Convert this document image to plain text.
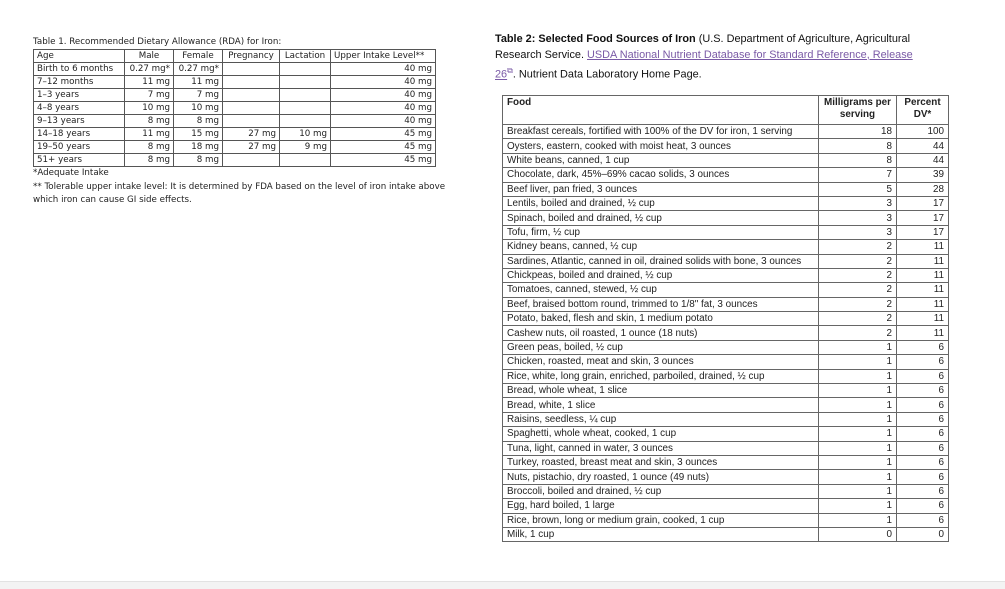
Table 1. Recommended Dietary Allowance (RDA) for Iron:
Age	Male	Female	Pregnancy	Lactation	Upper Intake Level**
Birth to 6 months	0.27 mg*	0.27 mg*			40 mg
7–12 months	11 mg	11 mg			40 mg
1–3 years	7 mg	7 mg			40 mg
4–8 years	10 mg	10 mg			40 mg
9–13 years	8 mg	8 mg			40 mg
14–18 years	11 mg	15 mg	27 mg	10 mg	45 mg
19–50 years	8 mg	18 mg	27 mg	9 mg	45 mg
51+ years	8 mg	8 mg			45 mg
*Adequate Intake
** Tolerable upper intake level: It is determined by FDA based on the level of iron intake above which iron can cause GI side effects.
Table 2: Selected Food Sources of Iron (U.S. Department of Agriculture, Agricultural Research Service. USDA National Nutrient Database for Standard Reference, Release 26⧉. Nutrient Data Laboratory Home Page.
Food	Milligrams per serving	Percent DV*
Breakfast cereals, fortified with 100% of the DV for iron, 1 serving	18	100
Oysters, eastern, cooked with moist heat, 3 ounces	8	44
White beans, canned, 1 cup	8	44
Chocolate, dark, 45%–69% cacao solids, 3 ounces	7	39
Beef liver, pan fried, 3 ounces	5	28
Lentils, boiled and drained, ½ cup	3	17
Spinach, boiled and drained, ½ cup	3	17
Tofu, firm, ½ cup	3	17
Kidney beans, canned, ½ cup	2	11
Sardines, Atlantic, canned in oil, drained solids with bone, 3 ounces	2	11
Chickpeas, boiled and drained, ½ cup	2	11
Tomatoes, canned, stewed, ½ cup	2	11
Beef, braised bottom round, trimmed to 1/8" fat, 3 ounces	2	11
Potato, baked, flesh and skin, 1 medium potato	2	11
Cashew nuts, oil roasted, 1 ounce (18 nuts)	2	11
Green peas, boiled, ½ cup	1	6
Chicken, roasted, meat and skin, 3 ounces	1	6
Rice, white, long grain, enriched, parboiled, drained, ½ cup	1	6
Bread, whole wheat, 1 slice	1	6
Bread, white, 1 slice	1	6
Raisins, seedless, ¼ cup	1	6
Spaghetti, whole wheat, cooked, 1 cup	1	6
Tuna, light, canned in water, 3 ounces	1	6
Turkey, roasted, breast meat and skin, 3 ounces	1	6
Nuts, pistachio, dry roasted, 1 ounce (49 nuts)	1	6
Broccoli, boiled and drained, ½ cup	1	6
Egg, hard boiled, 1 large	1	6
Rice, brown, long or medium grain, cooked, 1 cup	1	6
Milk, 1 cup	0	0
